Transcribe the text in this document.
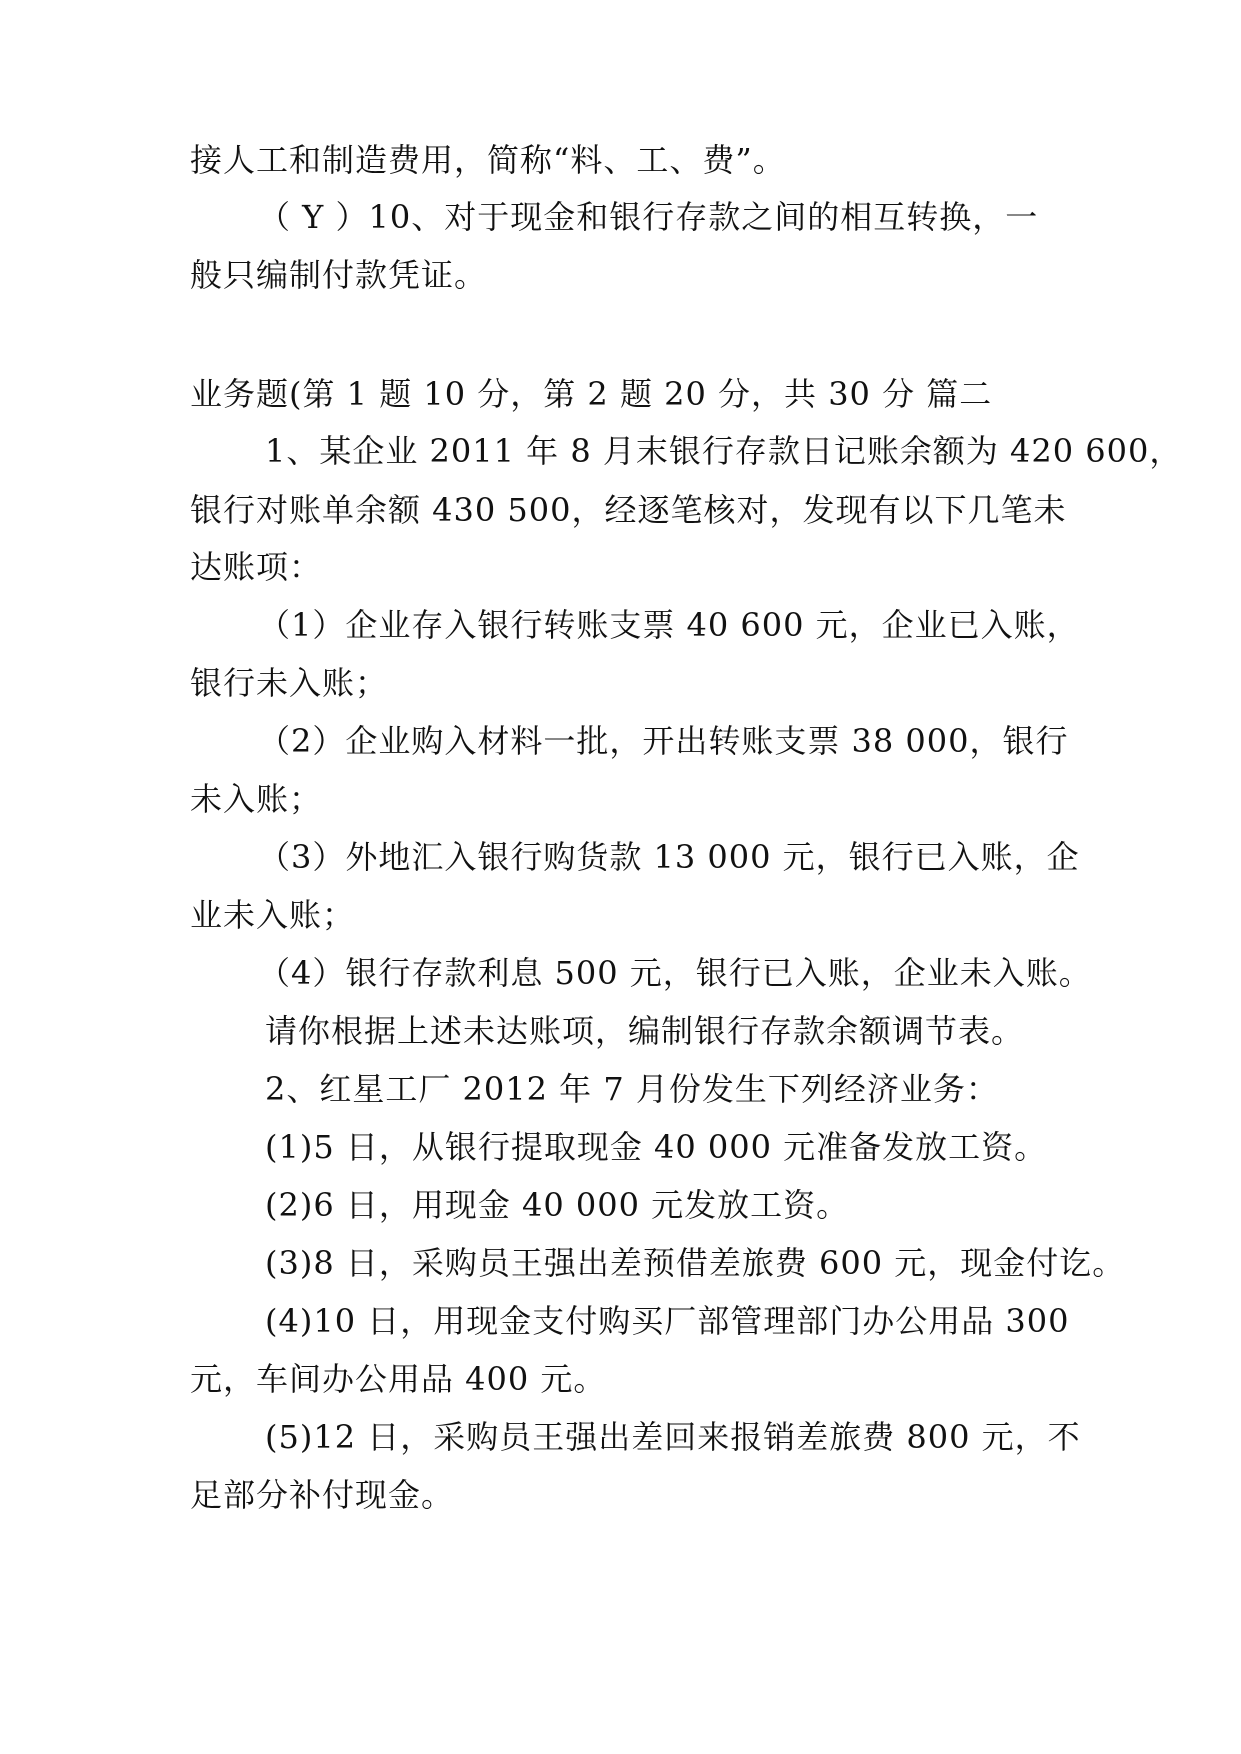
接人工和制造费用，简称“料、工、费”。
（ Y ）10、对于现金和银行存款之间的相互转换，一
般只编制付款凭证。
业务题(第 1 题 10 分，第 2 题 20 分，共 30 分 篇二
1、某企业 2011 年 8 月末银行存款日记账余额为 420 600，
银行对账单余额 430 500，经逐笔核对，发现有以下几笔未
达账项：
（1）企业存入银行转账支票 40 600 元，企业已入账，
银行未入账；
（2）企业购入材料一批，开出转账支票 38 000，银行
未入账；
（3）外地汇入银行购货款 13 000 元，银行已入账，企
业未入账；
（4）银行存款利息 500 元，银行已入账，企业未入账。
请你根据上述未达账项，编制银行存款余额调节表。
2、红星工厂 2012 年 7 月份发生下列经济业务：
(1)5 日，从银行提取现金 40 000 元准备发放工资。
(2)6 日，用现金 40 000 元发放工资。
(3)8 日，采购员王强出差预借差旅费 600 元，现金付讫。
(4)10 日，用现金支付购买厂部管理部门办公用品 300
元，车间办公用品 400 元。
(5)12 日，采购员王强出差回来报销差旅费 800 元，不
足部分补付现金。
